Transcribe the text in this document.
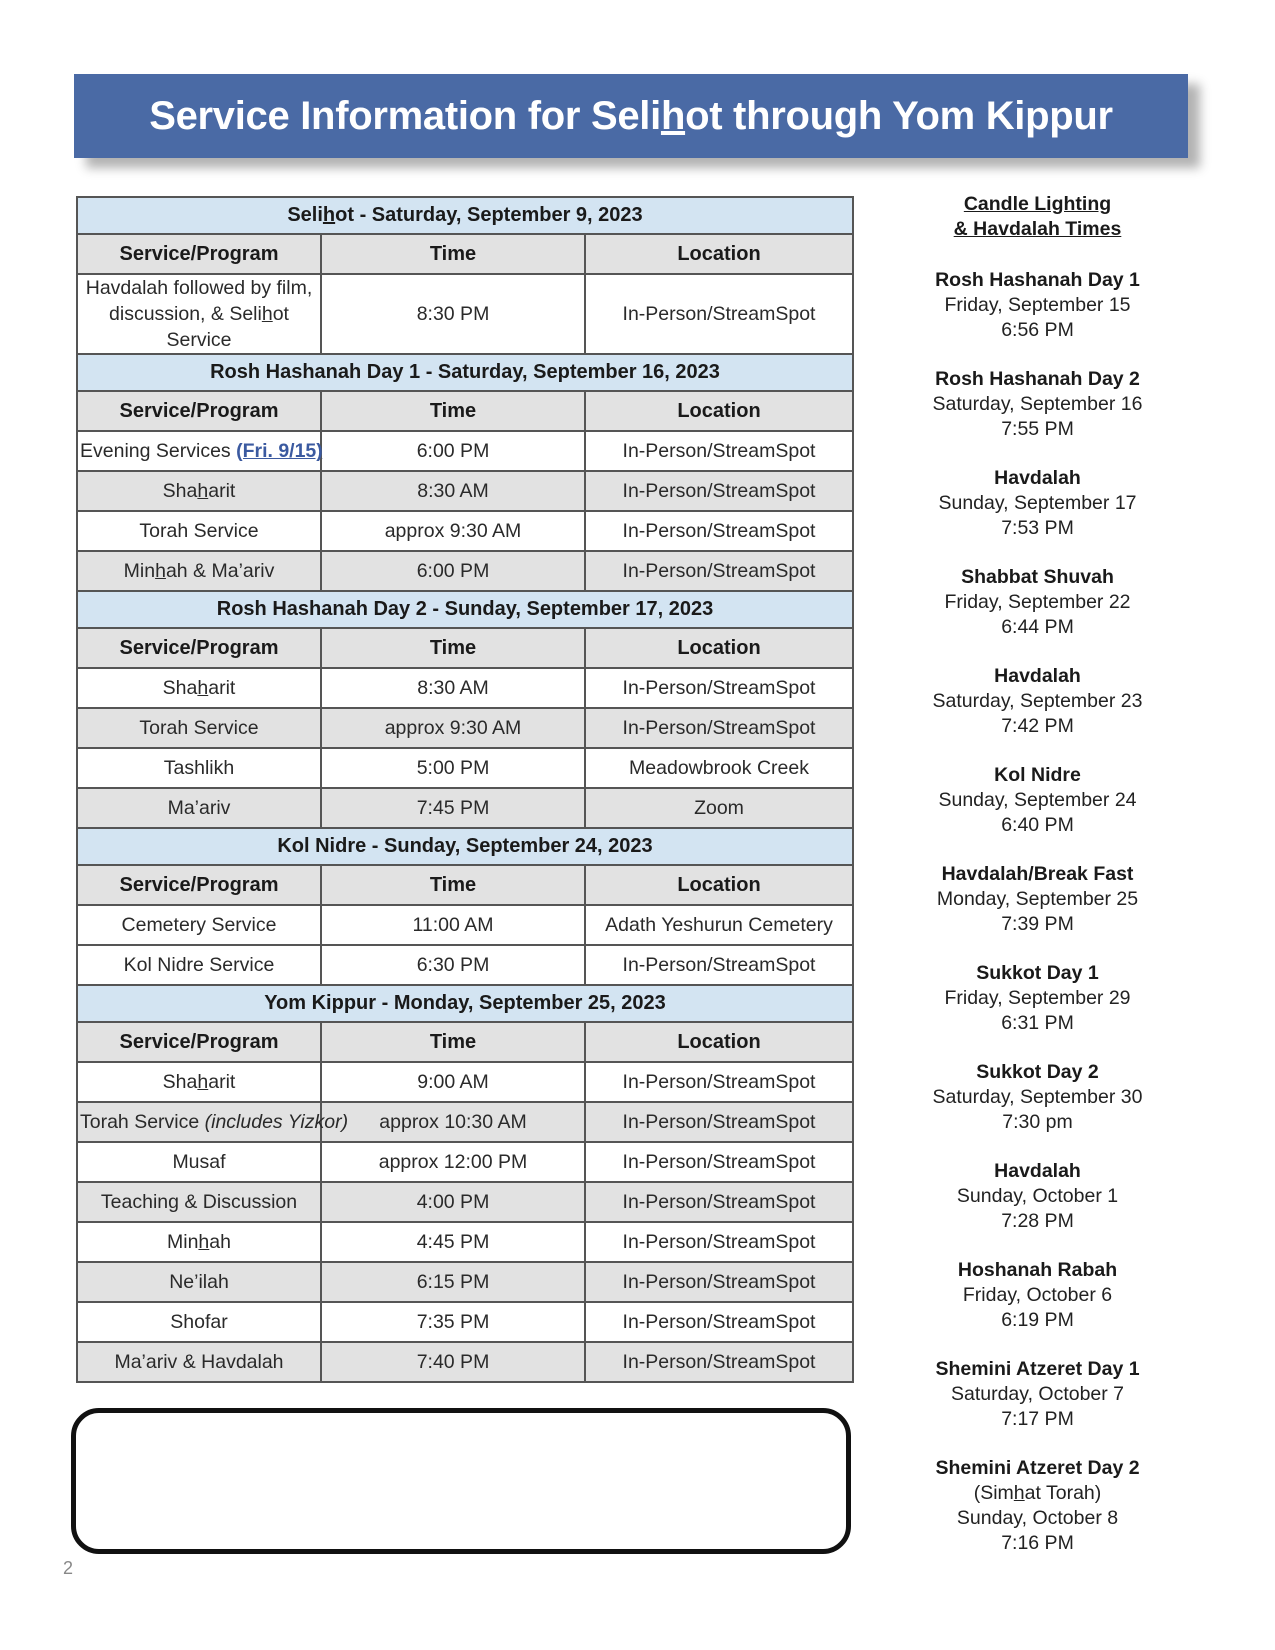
Service Information for Selihot through Yom Kippur
Selihot - Saturday, September 9, 2023		
Service/Program	Time	Location
Havdalah followed by film, discussion, & Selihot Service	8:30 PM	In-Person/StreamSpot
Rosh Hashanah Day 1 - Saturday, September 16, 2023		
Service/Program	Time	Location
Evening Services (Fri. 9/15)	6:00 PM	In-Person/StreamSpot
Shaharit	8:30 AM	In-Person/StreamSpot
Torah Service	approx 9:30 AM	In-Person/StreamSpot
Minhah & Ma’ariv	6:00 PM	In-Person/StreamSpot
Rosh Hashanah Day 2 - Sunday, September 17, 2023		
Service/Program	Time	Location
Shaharit	8:30 AM	In-Person/StreamSpot
Torah Service	approx 9:30 AM	In-Person/StreamSpot
Tashlikh	5:00 PM	Meadowbrook Creek
Ma’ariv	7:45 PM	Zoom
Kol Nidre - Sunday, September 24, 2023		
Service/Program	Time	Location
Cemetery Service	11:00 AM	Adath Yeshurun Cemetery
Kol Nidre Service	6:30 PM	In-Person/StreamSpot
Yom Kippur - Monday, September 25, 2023		
Service/Program	Time	Location
Shaharit	9:00 AM	In-Person/StreamSpot
Torah Service (includes Yizkor)	approx 10:30 AM	In-Person/StreamSpot
Musaf	approx 12:00 PM	In-Person/StreamSpot
Teaching & Discussion	4:00 PM	In-Person/StreamSpot
Minhah	4:45 PM	In-Person/StreamSpot
Ne’ilah	6:15 PM	In-Person/StreamSpot
Shofar	7:35 PM	In-Person/StreamSpot
Ma’ariv & Havdalah	7:40 PM	In-Person/StreamSpot
2
Candle Lighting
& Havdalah Times
Rosh Hashanah Day 1
Friday, September 15
6:56 PM
Rosh Hashanah Day 2
Saturday, September 16
7:55 PM
Havdalah
Sunday, September 17
7:53 PM
Shabbat Shuvah
Friday, September 22
6:44 PM
Havdalah
Saturday, September 23
7:42 PM
Kol Nidre
Sunday, September 24
6:40 PM
Havdalah/Break Fast
Monday, September 25
7:39 PM
Sukkot Day 1
Friday, September 29
6:31 PM
Sukkot Day 2
Saturday, September 30
7:30 pm
Havdalah
Sunday, October 1
7:28 PM
Hoshanah Rabah
Friday, October 6
6:19 PM
Shemini Atzeret Day 1
Saturday, October 7
7:17 PM
Shemini Atzeret Day 2
(Simhat Torah)
Sunday, October 8
7:16 PM
